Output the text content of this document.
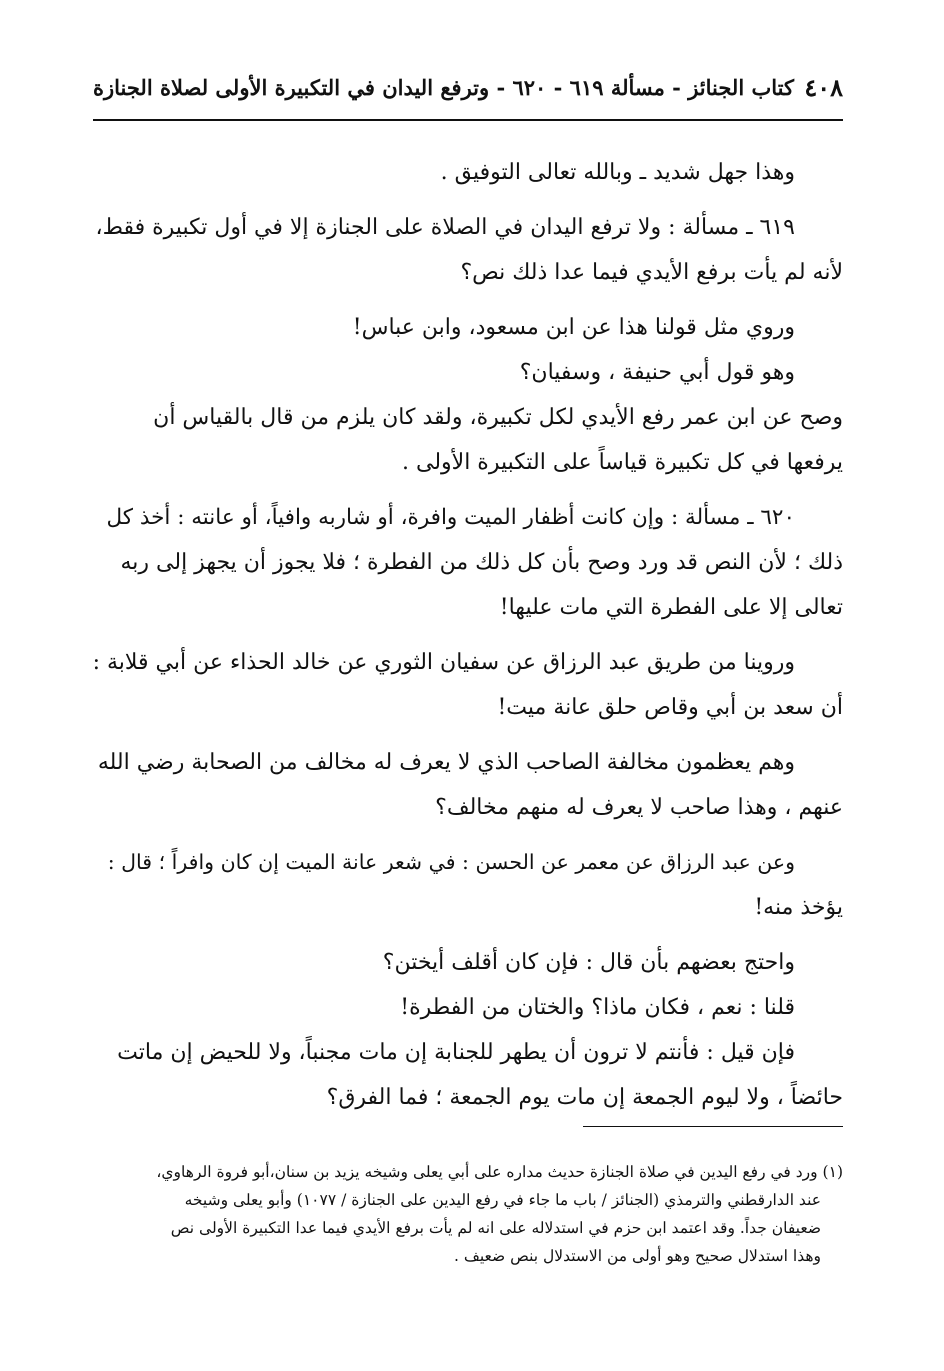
٤٠٨
كتاب الجنائز - مسألة ٦١٩ - ٦٢٠ - وترفع اليدان في التكبيرة الأولى لصلاة الجنازة

وهذا جهل شديد ـ وبالله تعالى التوفيق .

٦١٩ ـ مسألة : ولا ترفع اليدان في الصلاة على الجنازة إلا في أول تكبيرة فقط،

لأنه لم يأت برفع الأيدي فيما عدا ذلك نص؟

وروي مثل قولنا هذا عن ابن مسعود، وابن عباس!

وهو قول أبي حنيفة ، وسفيان؟

وصح عن ابن عمر رفع الأيدي لكل تكبيرة، ولقد كان يلزم من قال بالقياس أن

يرفعها في كل تكبيرة قياساً على التكبيرة الأولى .

٦٢٠ ـ مسألة : وإن كانت أظفار الميت وافرة، أو شاربه وافياً، أو عانته : أخذ كل

ذلك ؛ لأن النص قد ورد وصح بأن كل ذلك من الفطرة ؛ فلا يجوز أن يجهز إلى ربه

تعالى إلا على الفطرة التي مات عليها!

وروينا من طريق عبد الرزاق عن سفيان الثوري عن خالد الحذاء عن أبي قلابة :

أن سعد بن أبي وقاص حلق عانة ميت!

وهم يعظمون مخالفة الصاحب الذي لا يعرف له مخالف من الصحابة رضي الله

عنهم ، وهذا صاحب لا يعرف له منهم مخالف؟

وعن عبد الرزاق عن معمر عن الحسن : في شعر عانة الميت إن كان وافراً ؛ قال :

يؤخذ منه!

واحتج بعضهم بأن قال : فإن كان أقلف أيختن؟

قلنا : نعم ، فكان ماذا؟ والختان من الفطرة!

فإن قيل : فأنتم لا ترون أن يطهر للجنابة إن مات مجنباً، ولا للحيض إن ماتت

حائضاً ، ولا ليوم الجمعة إن مات يوم الجمعة ؛ فما الفرق؟

(١) ورد في رفع اليدين في صلاة الجنازة حديث مداره على أبي يعلى وشيخه يزيد بن سنان،أبو فروة الرهاوي،

عند الدارقطني والترمذي (الجنائز / باب ما جاء في رفع اليدين على الجنازة / ١٠٧٧) وأبو يعلى وشيخه

ضعيفان جداً. وقد اعتمد ابن حزم في استدلاله على انه لم يأت برفع الأيدي فيما عدا التكبيرة الأولى نص

وهذا استدلال صحيح وهو أولى من الاستدلال بنص ضعيف .
